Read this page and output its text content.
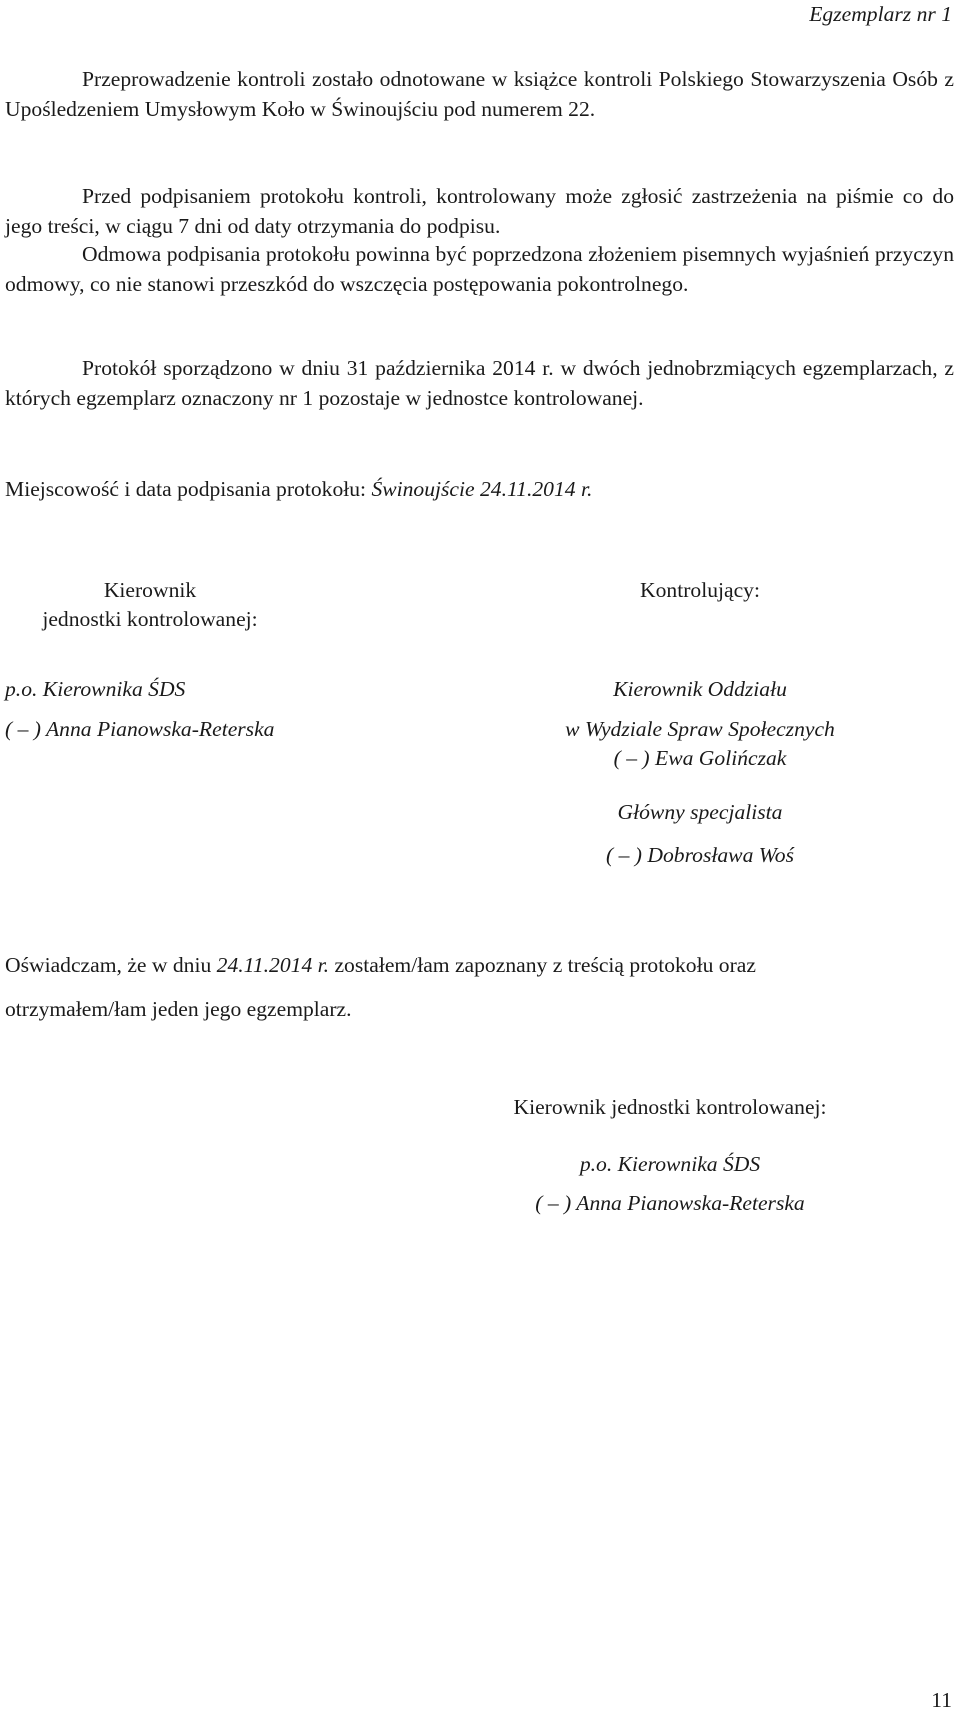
Egzemplarz nr 1
Przeprowadzenie kontroli zostało odnotowane w książce kontroli Polskiego Stowarzyszenia Osób z Upośledzeniem Umysłowym Koło w Świnoujściu pod numerem 22.
Przed podpisaniem protokołu kontroli, kontrolowany może zgłosić zastrzeżenia na piśmie co do jego treści, w ciągu 7 dni od daty otrzymania do podpisu.
Odmowa podpisania protokołu powinna być poprzedzona złożeniem pisemnych wyjaśnień przyczyn odmowy, co nie stanowi przeszkód do wszczęcia postępowania pokontrolnego.
Protokół sporządzono w dniu 31 października 2014 r. w dwóch jednobrzmiących egzemplarzach, z których egzemplarz oznaczony nr 1 pozostaje w jednostce kontrolowanej.
Miejscowość i data podpisania protokołu: Świnoujście 24.11.2014 r.
Kierownik
jednostki kontrolowanej:
Kontrolujący:
p.o. Kierownika ŚDS
( – ) Anna Pianowska-Reterska
Kierownik Oddziału
w Wydziale Spraw Społecznych
( – ) Ewa Golińczak
Główny specjalista
( – ) Dobrosława Woś
Oświadczam, że w dniu 24.11.2014 r. zostałem/łam zapoznany z treścią protokołu oraz
otrzymałem/łam jeden jego egzemplarz.
Kierownik jednostki kontrolowanej:
p.o. Kierownika ŚDS
( – ) Anna Pianowska-Reterska
11
